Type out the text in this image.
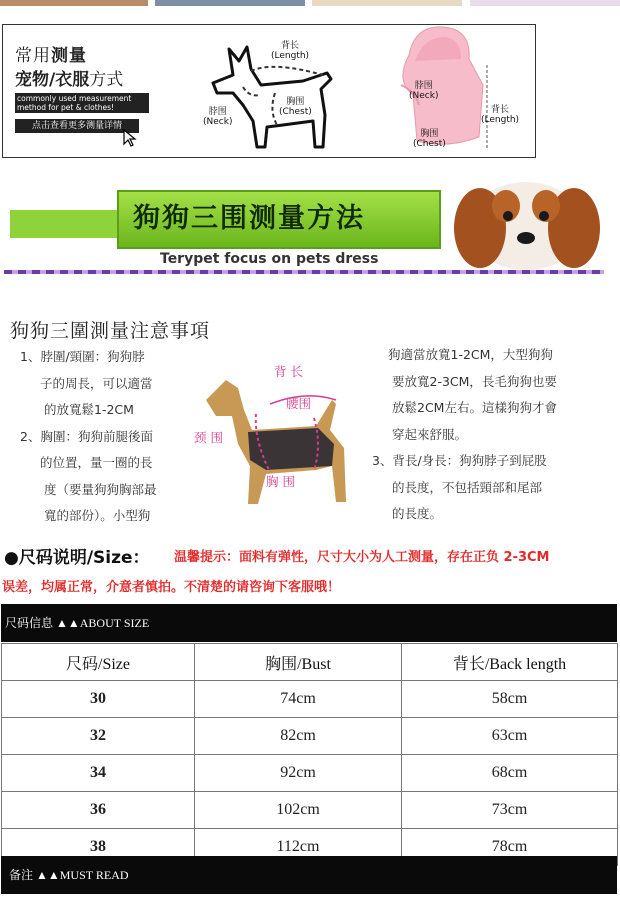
常用测量
宠物/衣服方式
commonly used measurement method for pet & clothes!
点击查看更多测量详情
背长
(Length)
脖围
(Neck)
胸围
(Chest)
脖围
(Neck)
背长
(Length)
胸围
(Chest)
狗狗三围测量方法
Terypet focus on pets dress
狗狗三圍測量注意事項
1、脖圍/頸圍：狗狗脖
子的周長，可以適當
的放寬鬆1-2CM
2、胸圍：狗狗前腿後面
的位置，量一圈的長
度（要量狗狗胸部最
寬的部份）。小型狗
狗適當放寬1-2CM，大型狗狗
要放寬2-3CM，長毛狗狗也要
放鬆2CM左右。這樣狗狗才會
穿起來舒服。
3、背長/身長：狗狗脖子到屁股
的長度，不包括頸部和尾部
的長度。
背 长
腰围
颈 围
胸 围
●尺码说明/Size： 温馨提示：面料有弹性，尺寸大小为人工测量，存在正负 2-3CM
误差，均属正常，介意者慎拍。不清楚的请咨询下客服哦！
尺码信息 ▲▲ABOUT SIZE
尺码/Size	胸围/Bust	背长/Back length
30	74cm	58cm
32	82cm	63cm
34	92cm	68cm
36	102cm	73cm
38	112cm	78cm
备注 ▲▲MUST READ
